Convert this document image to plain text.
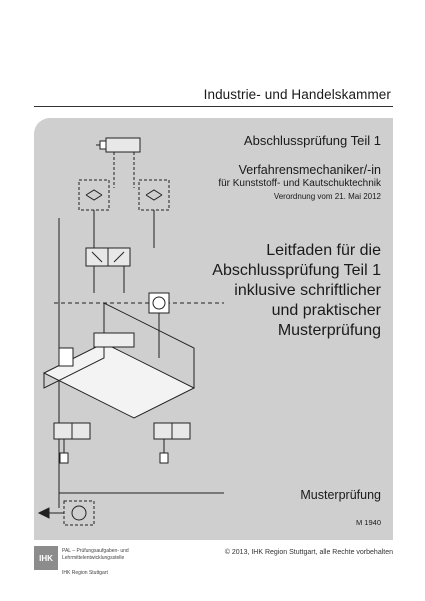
Industrie- und Handelskammer
Abschlussprüfung Teil 1
Verfahrensmechaniker/-in
für Kunststoff- und Kautschuktechnik
Verordnung vom 21. Mai 2012
Leitfaden für die
Abschlussprüfung Teil 1
inklusive schriftlicher
und praktischer
Musterprüfung
Musterprüfung
M 1940
IHK
PAL – Prüfungsaufgaben- und
Lehrmittelentwicklungsstelle
IHK Region Stuttgart
© 2013, IHK Region Stuttgart, alle Rechte vorbehalten
